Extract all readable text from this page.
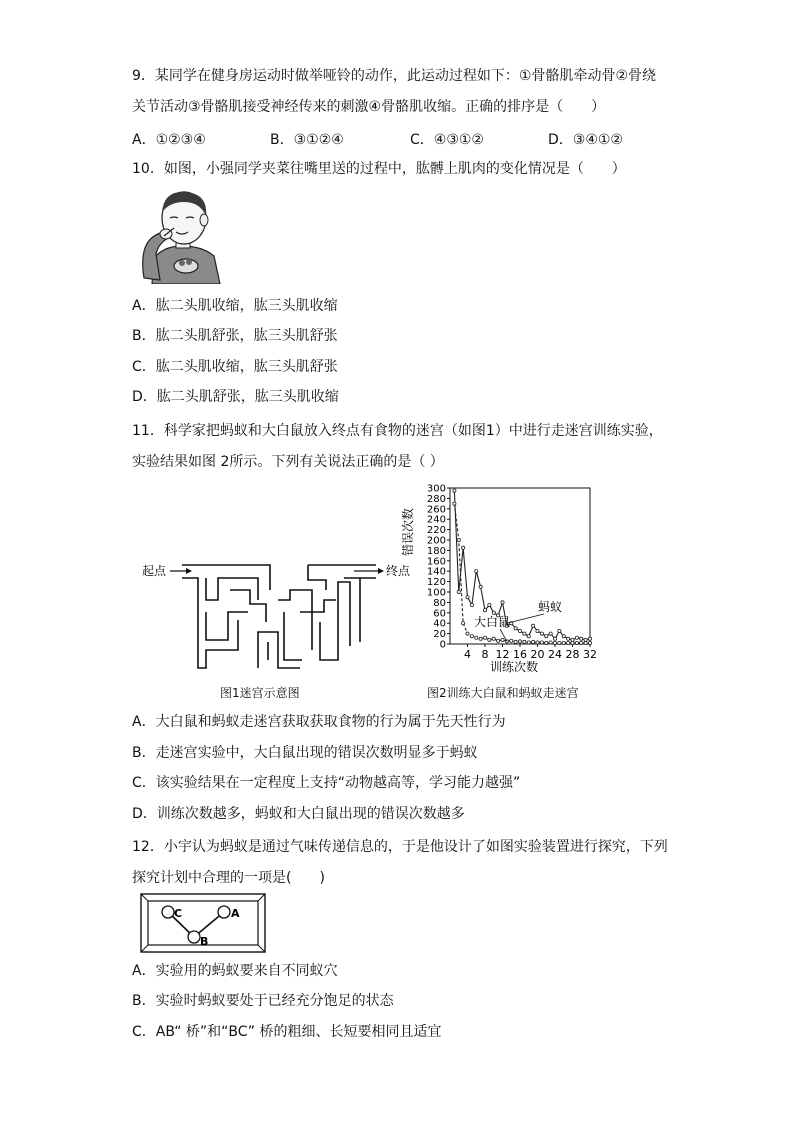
9．某同学在健身房运动时做举哑铃的动作，此运动过程如下：①骨骼肌牵动骨②骨绕
关节活动③骨骼肌接受神经传来的刺激④骨骼肌收缩。正确的排序是（　　）
A．①②③④	B．③①②④	C．④③①②	D．③④①②
10．如图，小强同学夹菜往嘴里送的过程中，肱髆上肌肉的变化情况是（　　）
A．肱二头肌收缩，肱三头肌收缩
B．肱二头肌舒张，肱三头肌舒张
C．肱二头肌收缩，肱三头肌舒张
D．肱二头肌舒张，肱三头肌收缩
11．科学家把蚂蚁和大白鼠放入终点有食物的迷宫（如图1）中进行走迷宫训练实验，
实验结果如图 2所示。下列有关说法正确的是（ ）
起点	终点
图1迷宫示意图
错误次数
训练次数
0
20
40
60
80
100
120
140
160
180
200
220
240
260
280
300
4 8 12 16 20 24 28 32
蚂蚁
大白鼠
图2训练大白鼠和蚂蚁走迷宫
A．大白鼠和蚂蚁走迷宫获取获取食物的行为属于先天性行为
B．走迷宫实验中，大白鼠出现的错误次数明显多于蚂蚁
C．该实验结果在一定程度上支持“动物越高等，学习能力越强”
D．训练次数越多，蚂蚁和大白鼠出现的错误次数越多
12．小宇认为蚂蚁是通过气味传递信息的，于是他设计了如图实验装置进行探究，下列
探究计划中合理的一项是(　　)
C	A
B
A．实验用的蚂蚁要来自不同蚁穴
B．实验时蚂蚁要处于已经充分饱足的状态
C．AB“ 桥”和“BC” 桥的粗细、长短要相同且适宜
